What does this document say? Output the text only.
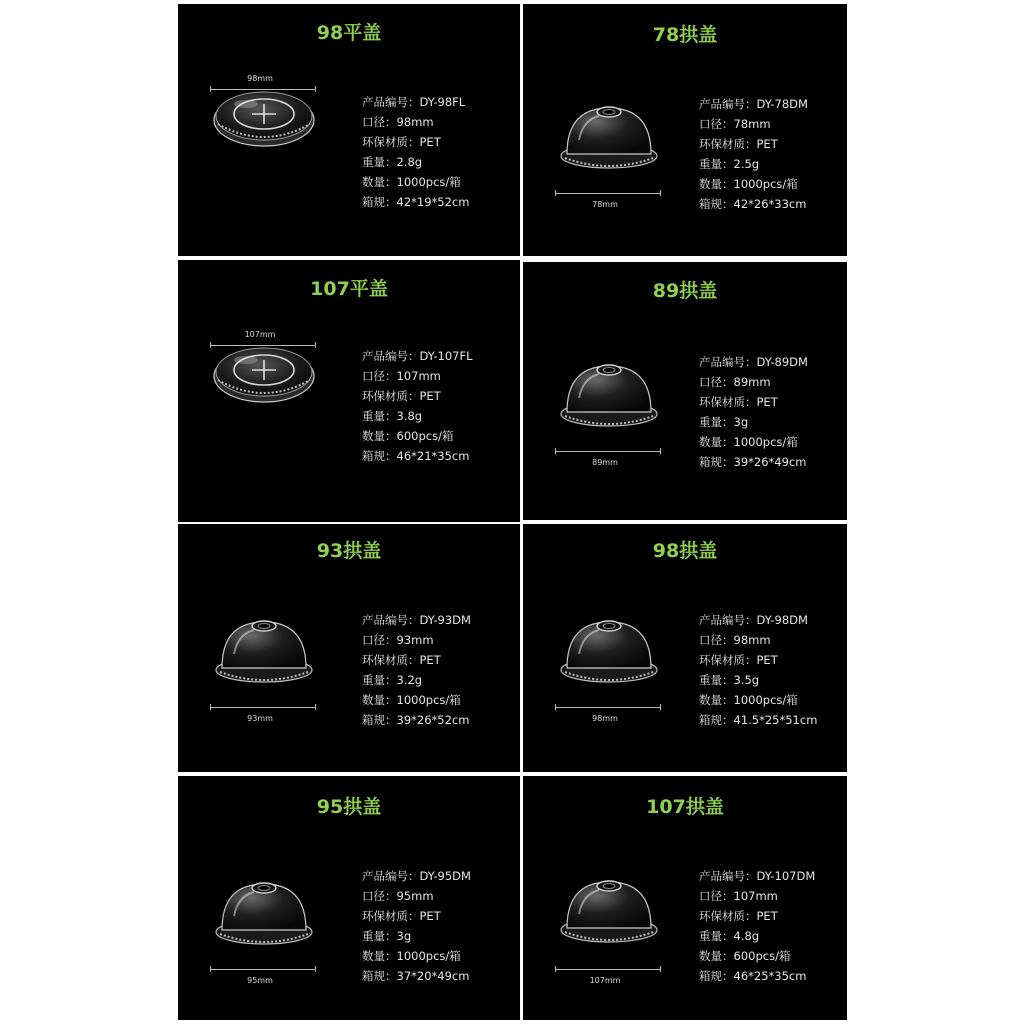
98平盖
98mm
产品编号：DY-98FL
口径：98mm
环保材质：PET
重量：2.8g
数量：1000pcs/箱
箱规：42*19*52cm
78拱盖
78mm
产品编号：DY-78DM
口径：78mm
环保材质：PET
重量：2.5g
数量：1000pcs/箱
箱规：42*26*33cm
107平盖
107mm
产品编号：DY-107FL
口径：107mm
环保材质：PET
重量：3.8g
数量：600pcs/箱
箱规：46*21*35cm
89拱盖
89mm
产品编号：DY-89DM
口径：89mm
环保材质：PET
重量：3g
数量：1000pcs/箱
箱规：39*26*49cm
93拱盖
93mm
产品编号：DY-93DM
口径：93mm
环保材质：PET
重量：3.2g
数量：1000pcs/箱
箱规：39*26*52cm
98拱盖
98mm
产品编号：DY-98DM
口径：98mm
环保材质：PET
重量：3.5g
数量：1000pcs/箱
箱规：41.5*25*51cm
95拱盖
95mm
产品编号：DY-95DM
口径：95mm
环保材质：PET
重量：3g
数量：1000pcs/箱
箱规：37*20*49cm
107拱盖
107mm
产品编号：DY-107DM
口径：107mm
环保材质：PET
重量：4.8g
数量：600pcs/箱
箱规：46*25*35cm
